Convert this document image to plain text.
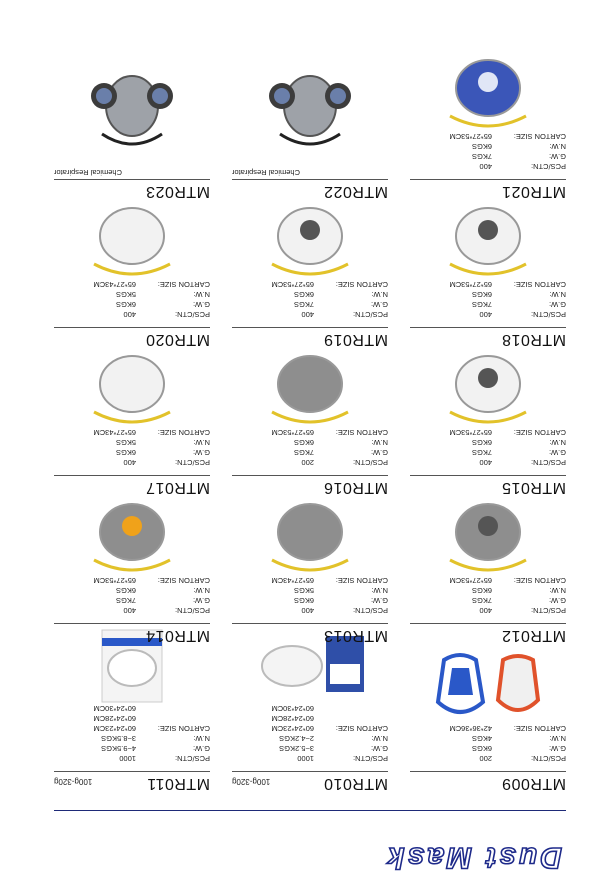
Dust Mask
MTR009
PCS/CTN:
200
G.W:
6KGS
N.W:
4KGS
CARTON SIZE:
42*36*36CM
MTR010
100g-320g
PCS/CTN:
1000
G.W:
3~5.2KGS
N.W:
2~4.2KGS
CARTON SIZE:
60*24*23CM
60*24*28CM
60*24*30CM
MTR011
100g-320g
PCS/CTN:
1000
G.W:
4~9.5KGS
N.W:
3~8.5KGS
CARTON SIZE:
60*24*23CM
60*24*28CM
60*24*30CM
MTR012
PCS/CTN:
400
G.W:
7KGS
N.W:
6KGS
CARTON SIZE:
65*27*53CM
MTR013
PCS/CTN:
400
G.W:
6KGS
N.W:
5KGS
CARTON SIZE:
65*27*43CM
MTR014
PCS/CTN:
400
G.W:
7KGS
N.W:
6KGS
CARTON SIZE:
65*27*53CM
MTR015
PCS/CTN:
400
G.W:
7KGS
N.W:
6KGS
CARTON SIZE:
65*27*53CM
MTR016
PCS/CTN:
200
G.W:
7KGS
N.W:
6KGS
CARTON SIZE:
65*27*53CM
MTR017
PCS/CTN:
400
G.W:
6KGS
N.W:
5KGS
CARTON SIZE:
65*27*43CM
MTR018
PCS/CTN:
400
G.W:
7KGS
N.W:
6KGS
CARTON SIZE:
65*27*53CM
MTR019
PCS/CTN:
400
G.W:
7KGS
N.W:
6KGS
CARTON SIZE:
65*27*53CM
MTR020
PCS/CTN:
400
G.W:
6KGS
N.W:
5KGS
CARTON SIZE:
65*27*43CM
MTR021
PCS/CTN:
400
G.W:
7KGS
N.W:
6KGS
CARTON SIZE:
65*27*53CM
MTR022
Chemical Respirator
MTR023
Chemical Respirator
